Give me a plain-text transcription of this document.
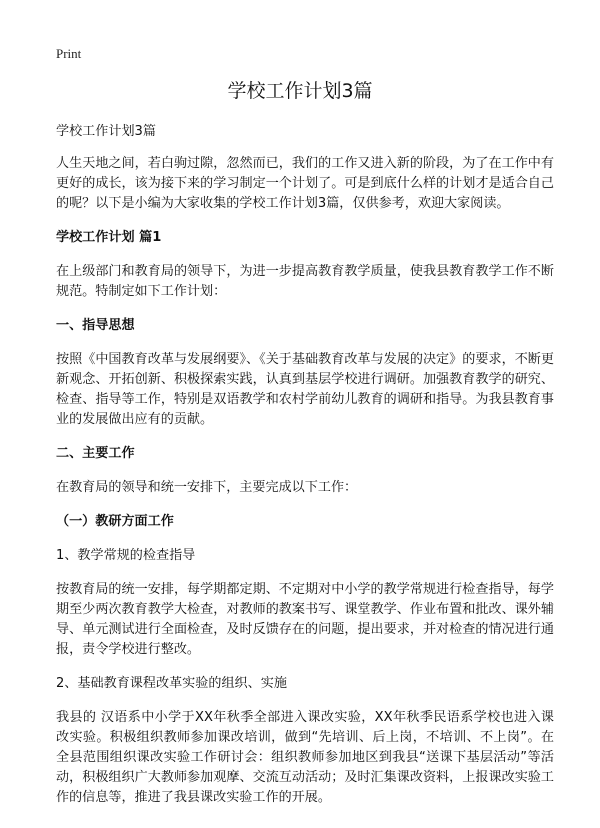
Print
学校工作计划3篇

学校工作计划3篇

人生天地之间，若白驹过隙，忽然而已，我们的工作又进入新的阶段，为了在工作中有更好的成长，该为接下来的学习制定一个计划了。可是到底什么样的计划才是适合自己的呢？以下是小编为大家收集的学校工作计划3篇，仅供参考，欢迎大家阅读。

学校工作计划 篇1

在上级部门和教育局的领导下，为进一步提高教育教学质量，使我县教育教学工作不断规范。特制定如下工作计划：

一、指导思想

按照《中国教育改革与发展纲要》、《关于基础教育改革与发展的决定》的要求，不断更新观念、开拓创新、积极探索实践，认真到基层学校进行调研。加强教育教学的研究、检查、指导等工作，特别是双语教学和农村学前幼儿教育的调研和指导。为我县教育事业的发展做出应有的贡献。

二、主要工作

在教育局的领导和统一安排下，主要完成以下工作：

（一）教研方面工作

1、教学常规的检查指导

按教育局的统一安排，每学期都定期、不定期对中小学的教学常规进行检查指导，每学期至少两次教育教学大检查，对教师的教案书写、课堂教学、作业布置和批改、课外辅导、单元测试进行全面检查，及时反馈存在的问题，提出要求，并对检查的情况进行通报，责令学校进行整改。

2、基础教育课程改革实验的组织、实施

我县的 汉语系中小学于XX年秋季全部进入课改实验，XX年秋季民语系学校也进入课改实验。积极组织教师参加课改培训，做到“先培训、后上岗，不培训、不上岗”。在全县范围组织课改实验工作研讨会：组织教师参加地区到我县“送课下基层活动”等活动，积极组织广大教师参加观摩、交流互动活动；及时汇集课改资料，上报课改实验工作的信息等，推进了我县课改实验工作的开展。
